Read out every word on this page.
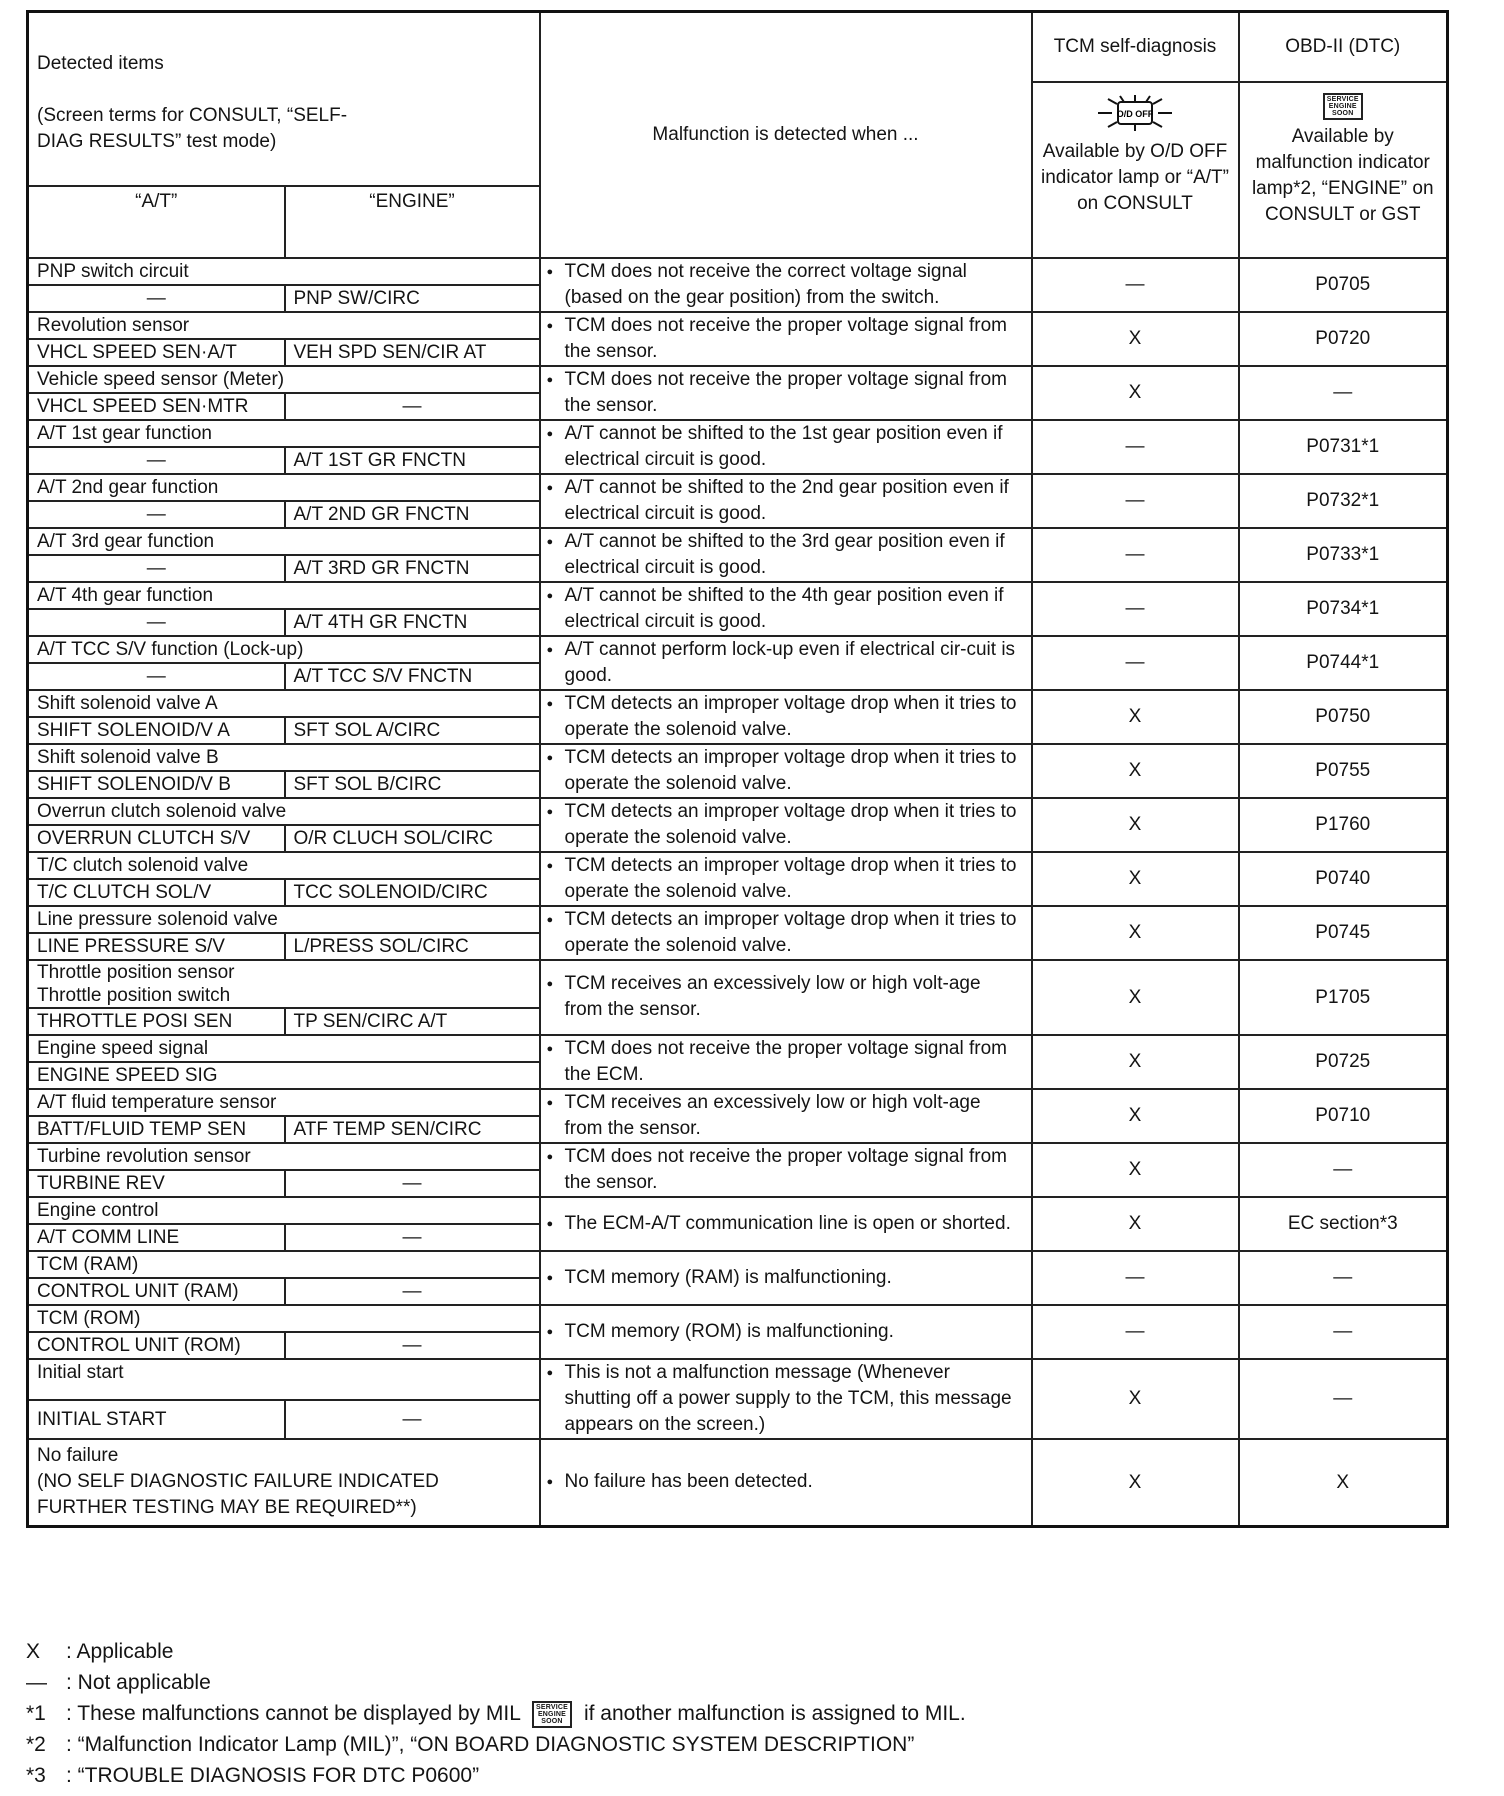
Detected items
(Screen terms for CONSULT, “SELF-DIAG RESULTS” test mode)		Malfunction is detected when ...	TCM self-diagnosis	OBD-II (DTC)

O/D OFF
Available by O/D OFF indicator lamp or “A/T” on CONSULT	SERVICE
ENGINE
SOON
Available by malfunction indicator lamp*2, “ENGINE” on CONSULT or GST
“A/T”	“ENGINE”			
PNP switch circuit		● TCM does not receive the correct voltage signal (based on the gear position) from the switch.	—	P0705
—	PNP SW/CIRC			
Revolution sensor		● TCM does not receive the proper voltage signal from the sensor.	X	P0720
VHCL SPEED SEN·A/T	VEH SPD SEN/CIR AT			
Vehicle speed sensor (Meter)		● TCM does not receive the proper voltage signal from the sensor.	X	—
VHCL SPEED SEN·MTR	—			
A/T 1st gear function		● A/T cannot be shifted to the 1st gear position even if electrical circuit is good.	—	P0731*1
—	A/T 1ST GR FNCTN			
A/T 2nd gear function		● A/T cannot be shifted to the 2nd gear position even if electrical circuit is good.	—	P0732*1
—	A/T 2ND GR FNCTN			
A/T 3rd gear function		● A/T cannot be shifted to the 3rd gear position even if electrical circuit is good.	—	P0733*1
—	A/T 3RD GR FNCTN			
A/T 4th gear function		● A/T cannot be shifted to the 4th gear position even if electrical circuit is good.	—	P0734*1
—	A/T 4TH GR FNCTN			
A/T TCC S/V function (Lock-up)		● A/T cannot perform lock-up even if electrical cir-cuit is good.	—	P0744*1
—	A/T TCC S/V FNCTN			
Shift solenoid valve A		● TCM detects an improper voltage drop when it tries to operate the solenoid valve.	X	P0750
SHIFT SOLENOID/V A	SFT SOL A/CIRC			
Shift solenoid valve B		● TCM detects an improper voltage drop when it tries to operate the solenoid valve.	X	P0755
SHIFT SOLENOID/V B	SFT SOL B/CIRC			
Overrun clutch solenoid valve		● TCM detects an improper voltage drop when it tries to operate the solenoid valve.	X	P1760
OVERRUN CLUTCH S/V	O/R CLUCH SOL/CIRC			
T/C clutch solenoid valve		● TCM detects an improper voltage drop when it tries to operate the solenoid valve.	X	P0740
T/C CLUTCH SOL/V	TCC SOLENOID/CIRC			
Line pressure solenoid valve		● TCM detects an improper voltage drop when it tries to operate the solenoid valve.	X	P0745
LINE PRESSURE S/V	L/PRESS SOL/CIRC			

Throttle position sensor
Throttle position switch		● TCM receives an excessively low or high volt-age from the sensor.	X	P1705
THROTTLE POSI SEN	TP SEN/CIRC A/T			
Engine speed signal		● TCM does not receive the proper voltage signal from the ECM.	X	P0725
ENGINE SPEED SIG				
A/T fluid temperature sensor		● TCM receives an excessively low or high volt-age from the sensor.	X	P0710
BATT/FLUID TEMP SEN	ATF TEMP SEN/CIRC			
Turbine revolution sensor		● TCM does not receive the proper voltage signal from the sensor.	X	—
TURBINE REV	—			
Engine control		● The ECM-A/T communication line is open or shorted.	X	EC section*3
A/T COMM LINE	—			
TCM (RAM)		● TCM memory (RAM) is malfunctioning.	—	—
CONTROL UNIT (RAM)	—			
TCM (ROM)		● TCM memory (ROM) is malfunctioning.	—	—
CONTROL UNIT (ROM)	—			
Initial start		● This is not a malfunction message (Whenever shutting off a power supply to the TCM, this message appears on the screen.)	X	—
INITIAL START	—			

No failure
(NO SELF DIAGNOSTIC FAILURE INDICATED
FURTHER TESTING MAY BE REQUIRED**)		● No failure has been detected.	X	X
X : Applicable
— : Not applicable
*1 : These malfunctions cannot be displayed by MIL SERVICE
ENGINE
SOON if another malfunction is assigned to MIL.
*2 : “Malfunction Indicator Lamp (MIL)”, “ON BOARD DIAGNOSTIC SYSTEM DESCRIPTION”
*3 : “TROUBLE DIAGNOSIS FOR DTC P0600”
